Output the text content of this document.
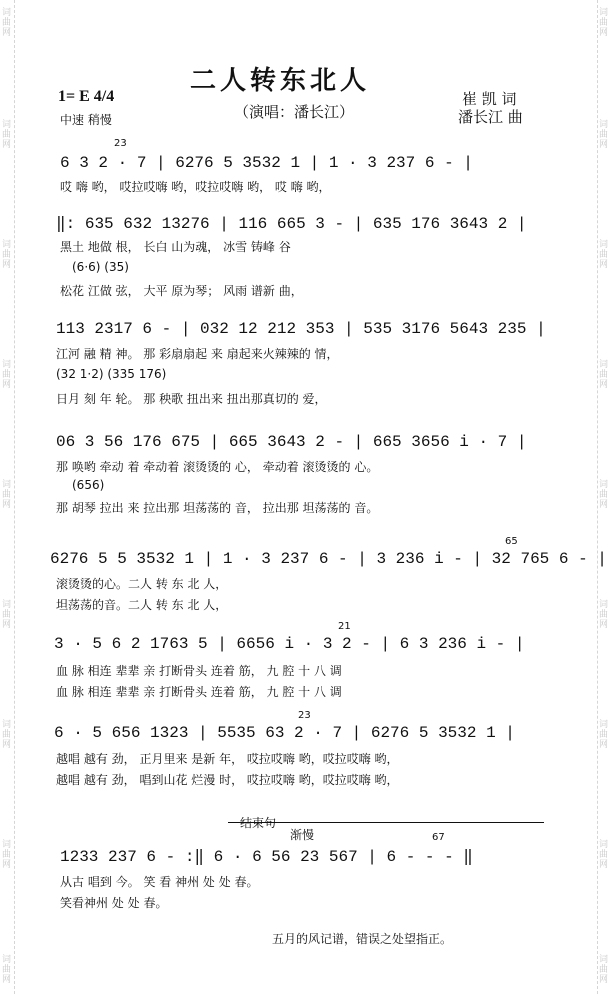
词曲网
词曲网
词曲网
词曲网
词曲网
词曲网
词曲网
词曲网
词曲网
词曲网
词曲网
词曲网
词曲网
词曲网
词曲网
词曲网
词曲网
词曲网
二人转东北人
1= E 4/4
中速 稍慢	（演唱：潘长江）
崔 凯 词
潘长江 曲
23
6 3 2 · 7 | 6276 5 3532 1 | 1 · 3 237 6 - |
哎 嗨 哟， 哎拉哎嗨 哟，哎拉哎嗨 哟， 哎 嗨 哟，
‖: 635 632 13276 | 116 665 3 - | 635 176 3643 2 |
黑土 地做 根， 长白 山为魂， 冰雪 铸峰 谷
(6·6) (35)
松花 江做 弦， 大平 原为琴； 风雨 谱新 曲，
113 2317 6 - | 032 12 212 353 | 535 3176 5643 235 |
江河 融 精 神。 那 彩扇扇起 来 扇起来火辣辣的 情，
(32 1·2) (335 176)
日月 刻 年 轮。 那 秧歌 扭出来 扭出那真切的 爱，
06 3 56 176 675 | 665 3643 2 - | 665 3656 i · 7 |
那 唤哟 牵动 着 牵动着 滚烫烫的 心， 牵动着 滚烫烫的 心。
(656)
那 胡琴 拉出 来 拉出那 坦荡荡的 音， 拉出那 坦荡荡的 音。
65
6276 5 5 3532 1 | 1 · 3 237 6 - | 3 236 i - | 32 765 6 - |
滚烫烫的心。二人 转 东 北 人，
坦荡荡的音。二人 转 东 北 人，
21
3 · 5 6 2 1763 5 | 6656 i · 3 2 - | 6 3 236 i - |
血 脉 相连 辈辈 亲 打断骨头 连着 筋， 九 腔 十 八 调
血 脉 相连 辈辈 亲 打断骨头 连着 筋， 九 腔 十 八 调
23
6 · 5 656 1323 | 5535 63 2 · 7 | 6276 5 3532 1 |
越唱 越有 劲， 正月里来 是新 年， 哎拉哎嗨 哟，哎拉哎嗨 哟，
越唱 越有 劲， 唱到山花 烂漫 时， 哎拉哎嗨 哟，哎拉哎嗨 哟，
结束句
渐慢	67
1233 237 6 - :‖ 6 · 6 56 23 567 | 6 - - - ‖
从古 唱到 今。 笑 看 神州 处 处 春。
笑看神州 处 处 春。
五月的风记谱，错误之处望指正。
